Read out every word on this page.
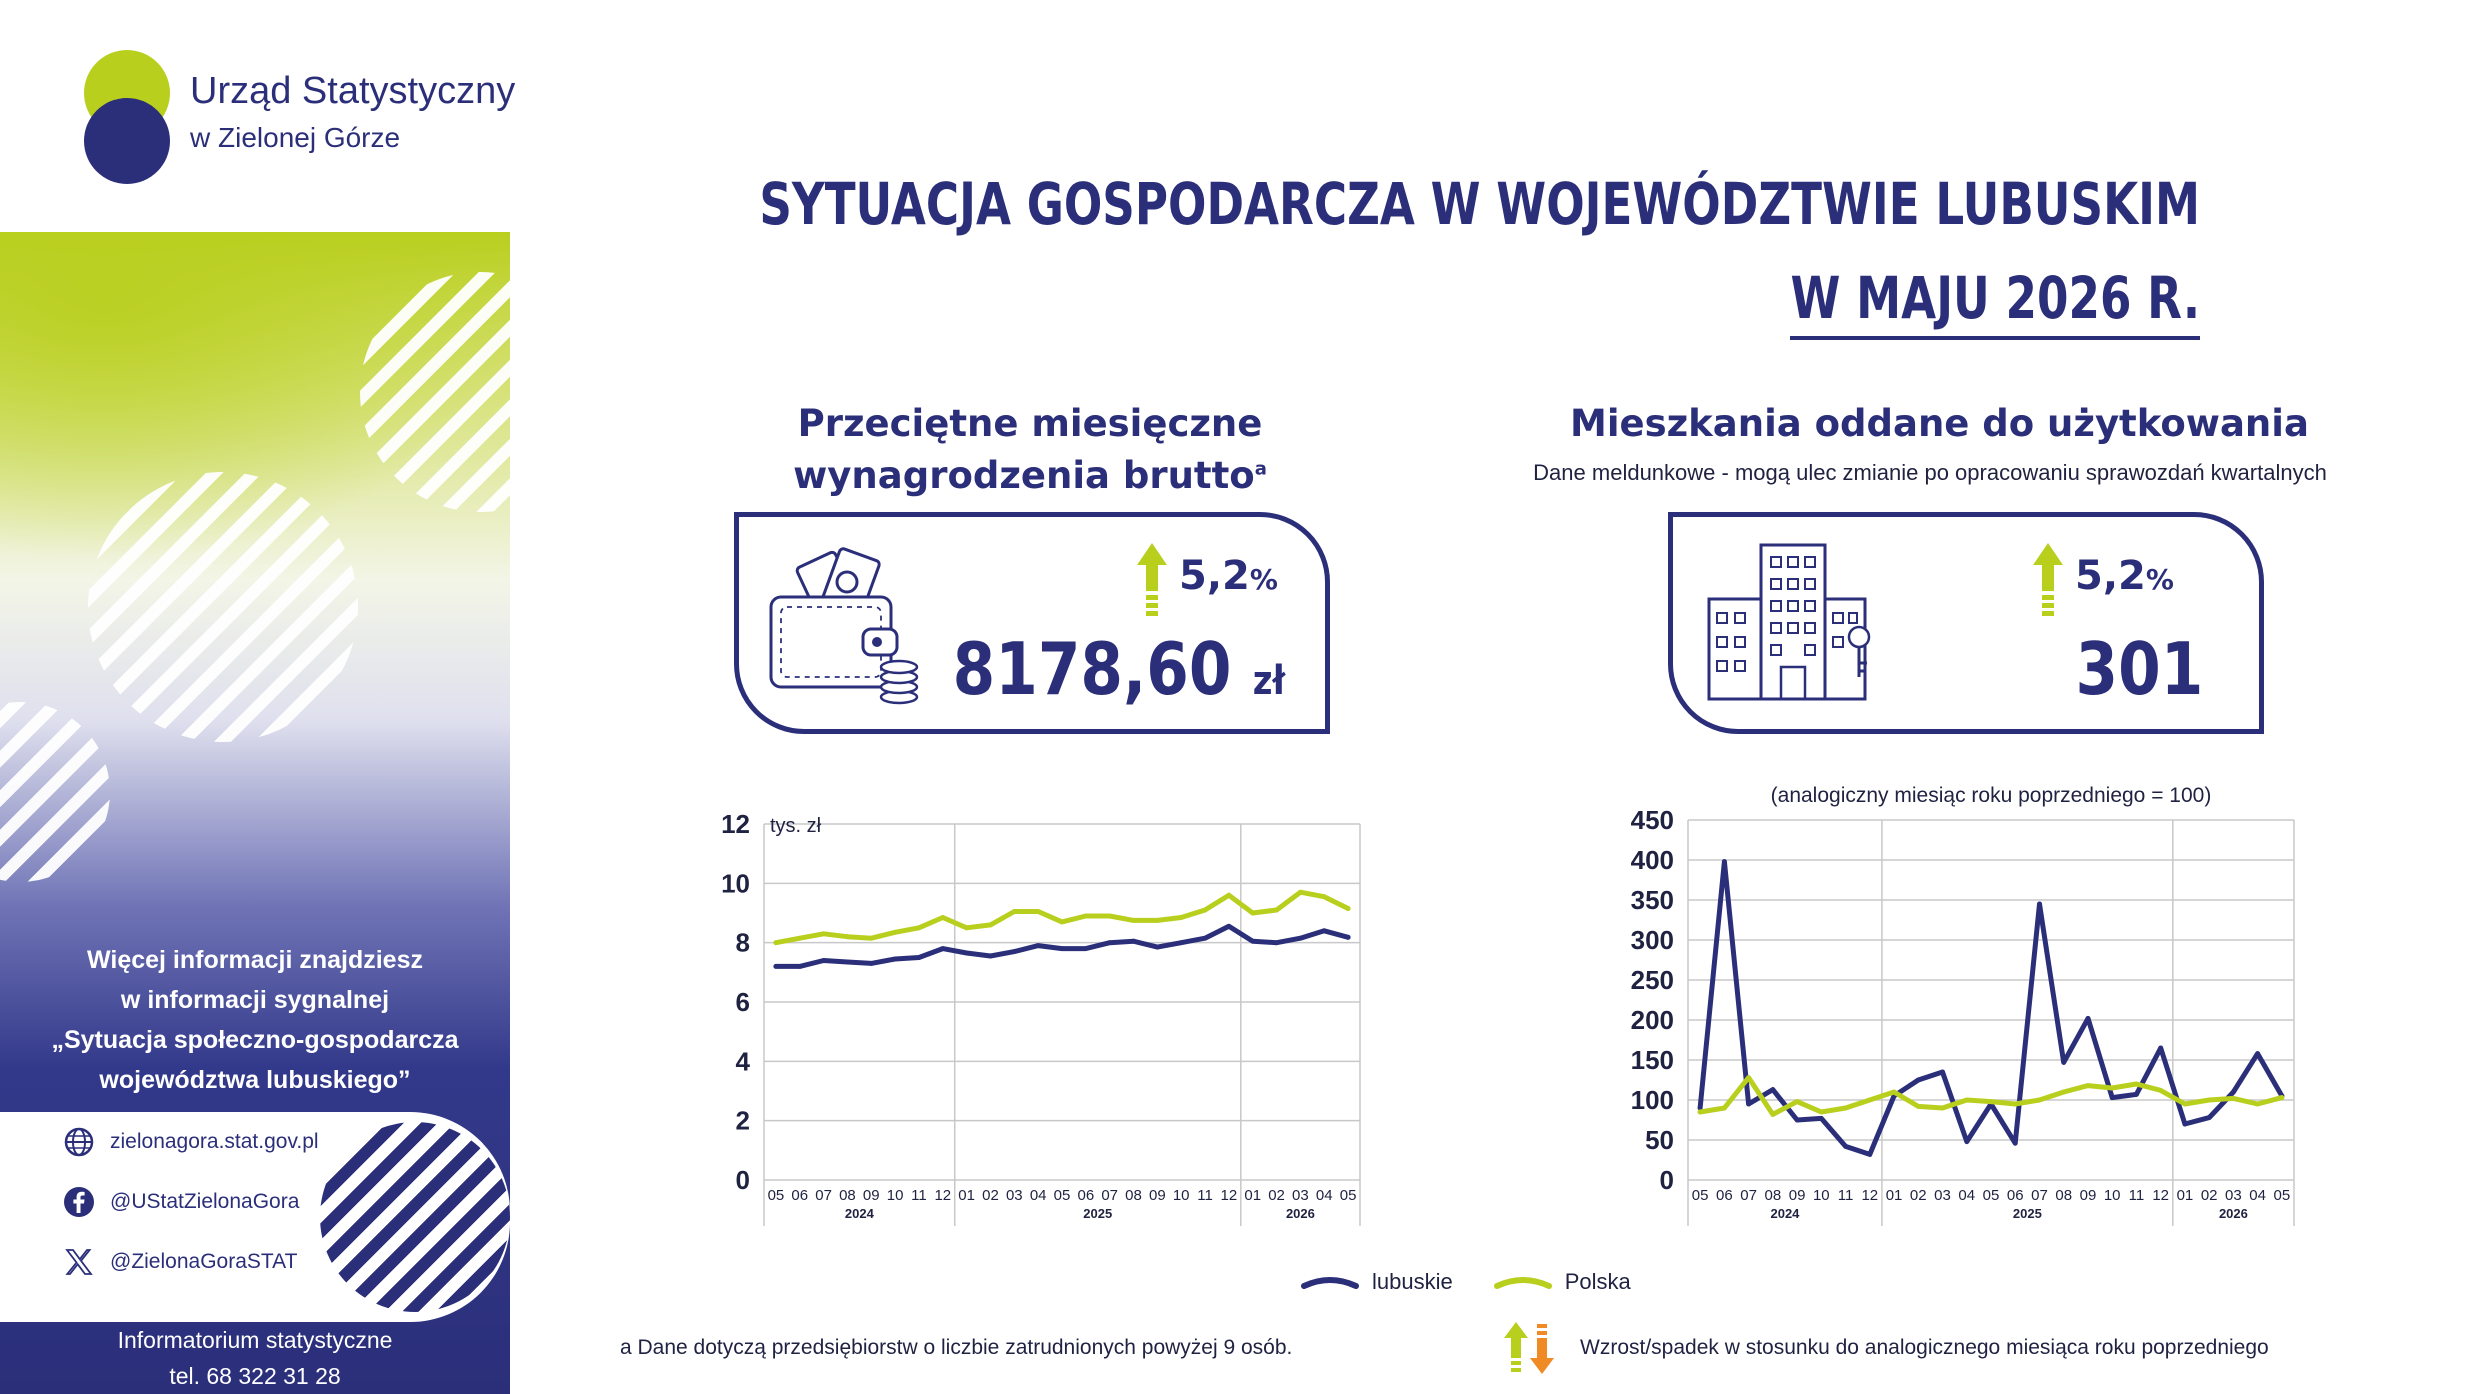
Więcej informacji znajdziesz
w informacji sygnalnej
„Sytuacja społeczno-gospodarcza
województwa lubuskiego”
zielonagora.stat.gov.pl
@UStatZielonaGora
@ZielonaGoraSTAT
Informatorium statystyczne
tel. 68 322 31 28
Urząd Statystyczny
w Zielonej Górze
SYTUACJA GOSPODARCZA W WOJEWÓDZTWIE LUBUSKIM
W MAJU 2026 R.
Przeciętne miesięczne
wynagrodzenia brutto$^a$
5,2%
8178,60 zł
Mieszkania oddane do użytkowania
Dane meldunkowe - mogą ulec zmianie po opracowaniu sprawozdań kwartalnych
5,2%
301
0
2
4
6
8
10
12 tys. zł
2024	2025	2026
05 06 07 08 09 10 11 12 01 02 03 04 05 06 07 08 09 10 11 12 01 02 03 04 05
0
50
100
150
200
250
300
350
400
450
(analogiczny miesiąc roku poprzedniego = 100)
2024	2025	2026
05 06 07 08 09 10 11 12 01 02 03 04 05 06 07 08 09 10 11 12 01 02 03 04 05
lubuskie	Polska
a Dane dotyczą przedsiębiorstw o liczbie zatrudnionych powyżej 9 osób.	Wzrost/spadek w stosunku do analogicznego miesiąca roku poprzedniego
